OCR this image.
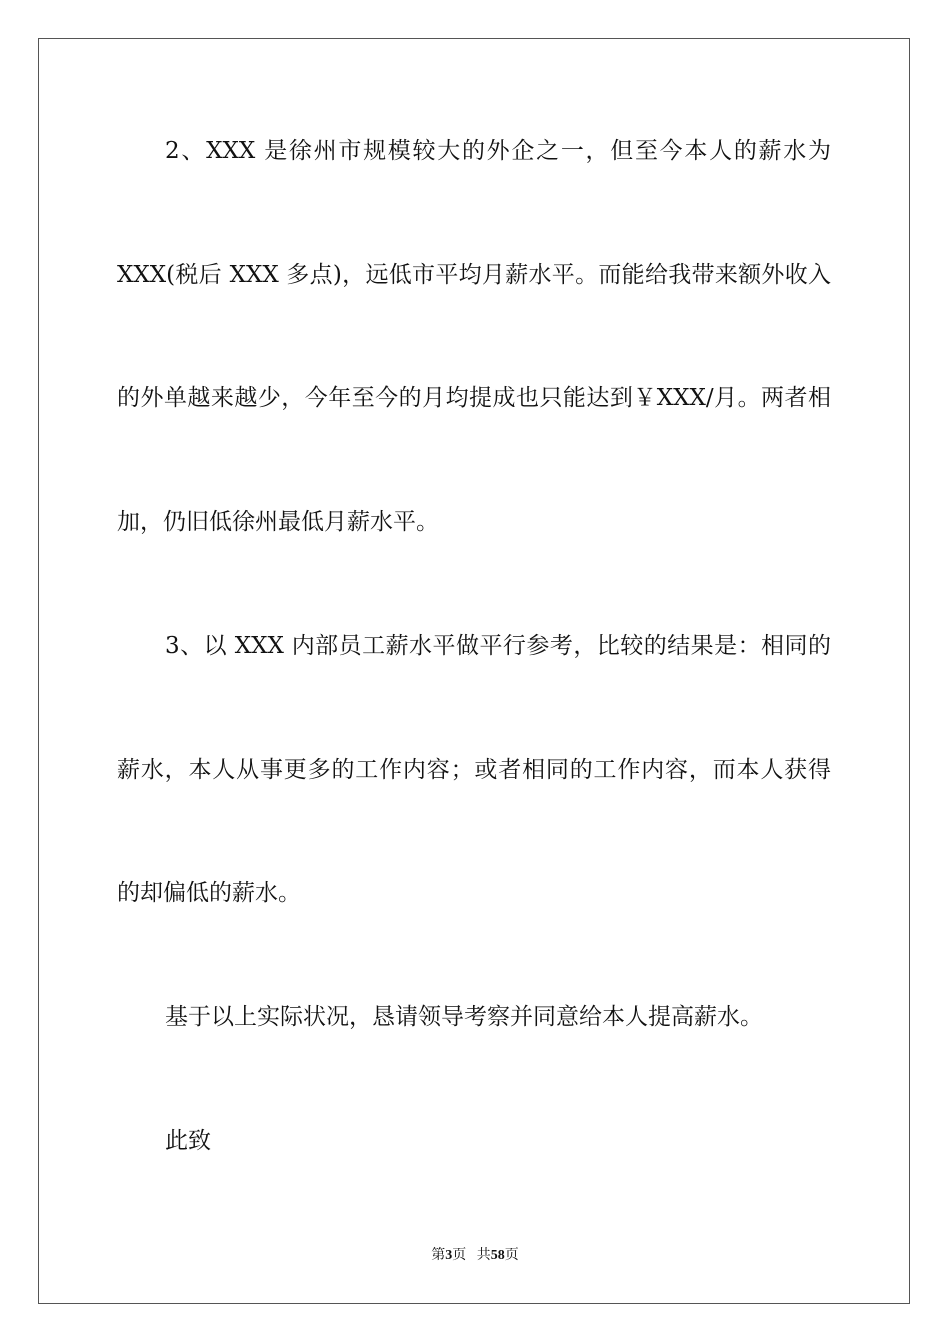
2、XXX 是徐州市规模较大的外企之一，但至今本人的薪水为
XXX(税后 XXX 多点)，远低市平均月薪水平。而能给我带来额外收入
的外单越来越少，今年至今的月均提成也只能达到￥XXX/月。两者相
加，仍旧低徐州最低月薪水平。
3、以 XXX 内部员工薪水平做平行参考，比较的结果是：相同的
薪水，本人从事更多的工作内容；或者相同的工作内容，而本人获得
的却偏低的薪水。
基于以上实际状况，恳请领导考察并同意给本人提高薪水。
此致
第3页 共58页
